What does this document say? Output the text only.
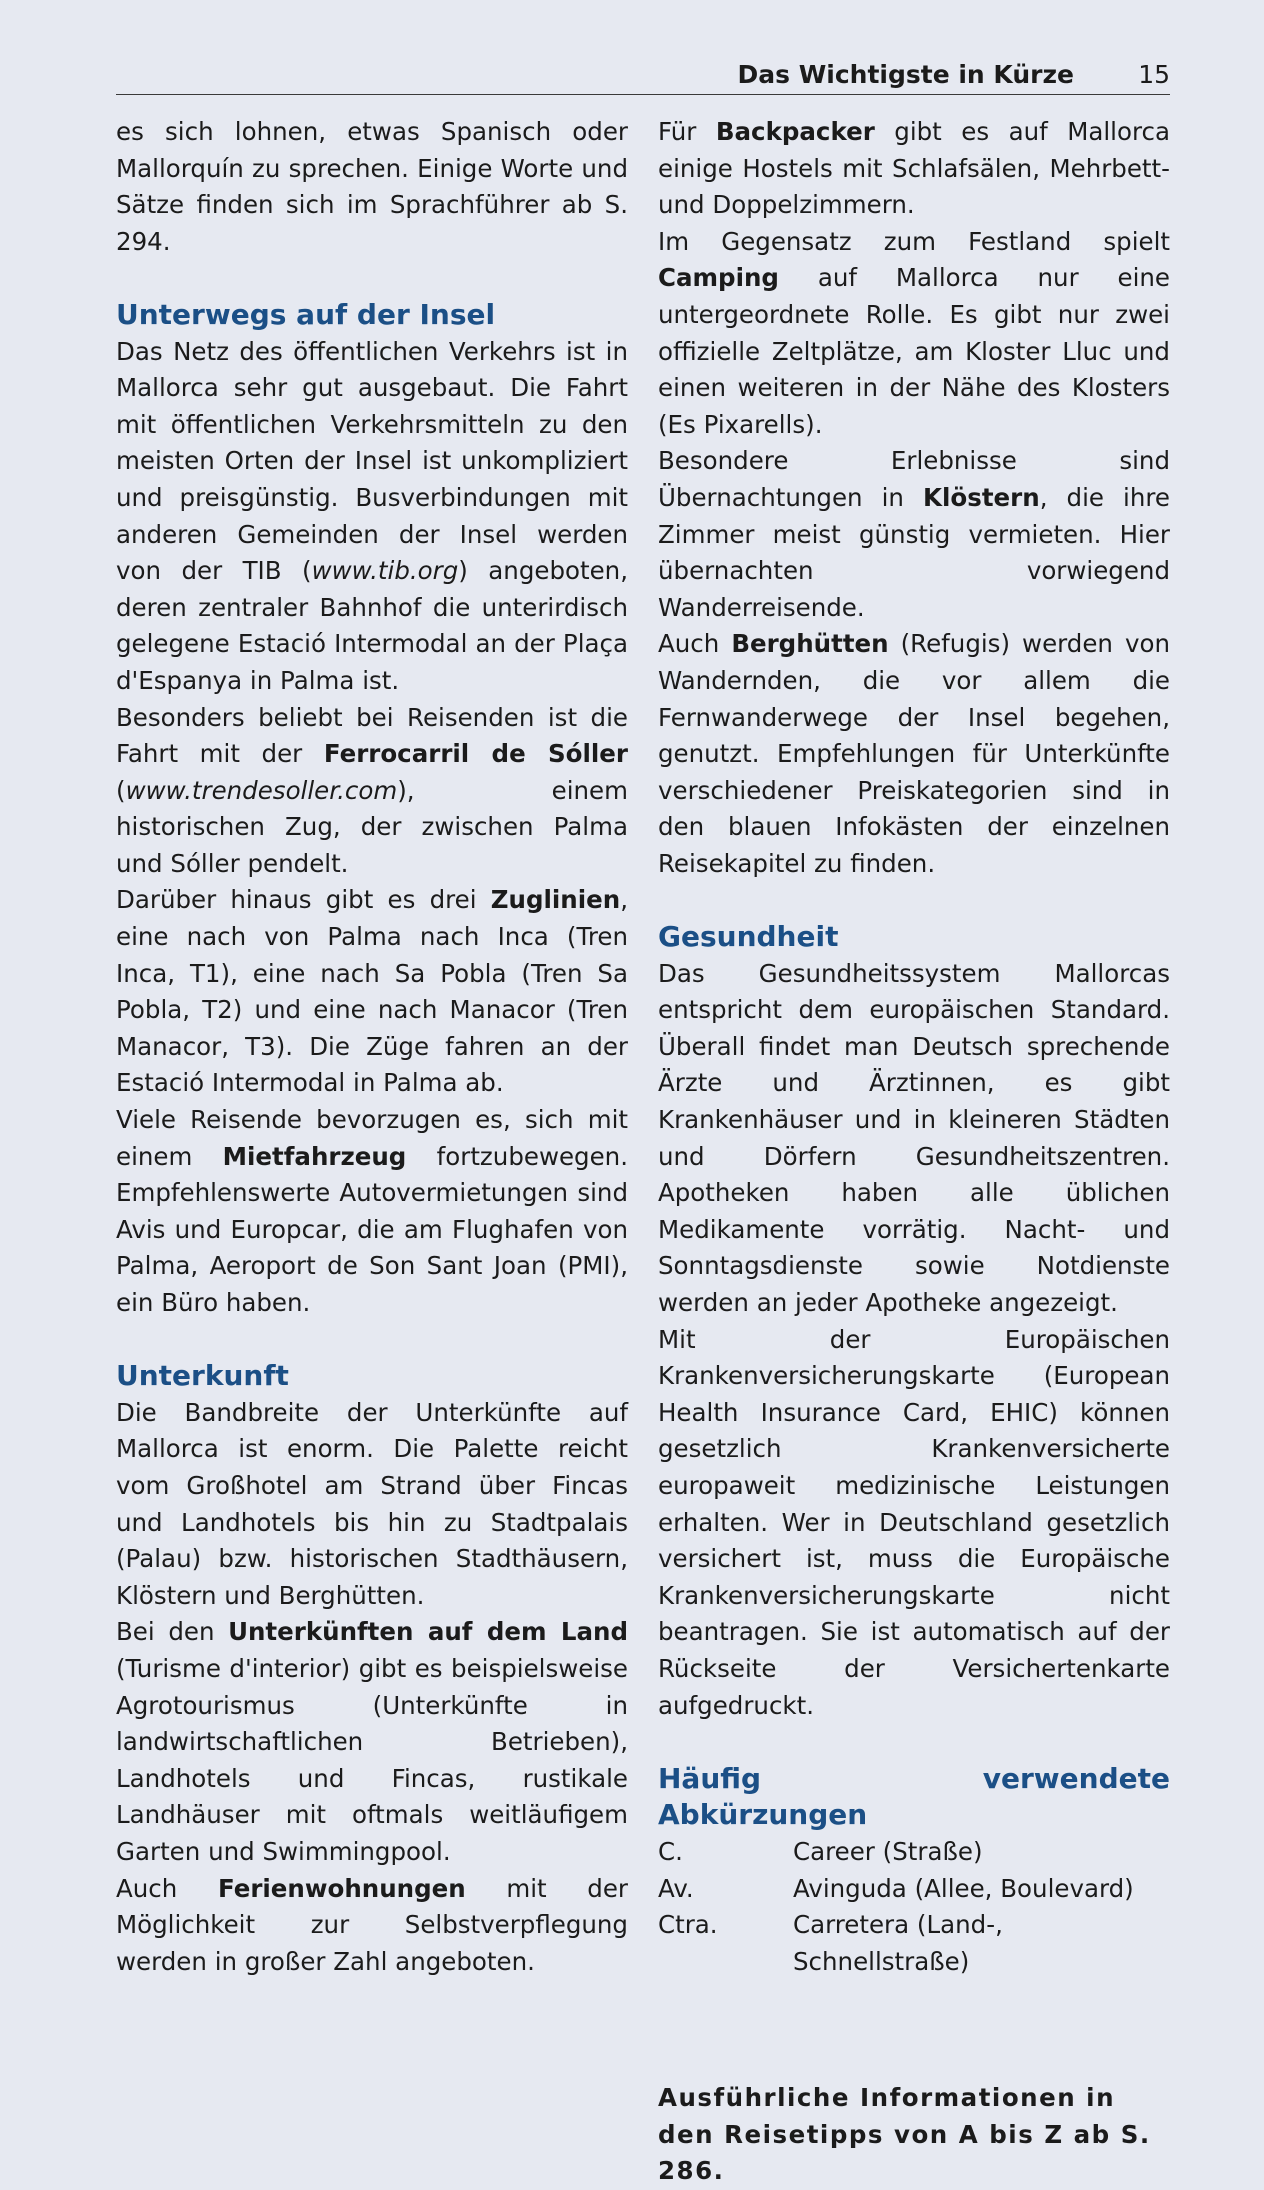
Das Wichtigste in Kürze	15

es sich lohnen, etwas Spanisch oder Mallorquín zu sprechen. Einige Worte und Sätze finden sich im Sprachführer ab S. 294.

Unterwegs auf der Insel

Das Netz des öffentlichen Verkehrs ist in Mallorca sehr gut ausgebaut. Die Fahrt mit öffentlichen Verkehrsmitteln zu den meisten Orten der Insel ist unkompliziert und preisgünstig. Busverbindungen mit anderen Gemeinden der Insel werden von der TIB (www.tib.org) angeboten, deren zentraler Bahnhof die unterirdisch gelegene Estació Intermodal an der Plaça d'Espanya in Palma ist.

Besonders beliebt bei Reisenden ist die Fahrt mit der Ferrocarril de Sóller (www.trendesoller.com), einem historischen Zug, der zwischen Palma und Sóller pendelt.

Darüber hinaus gibt es drei Zuglinien, eine nach von Palma nach Inca (Tren Inca, T1), eine nach Sa Pobla (Tren Sa Pobla, T2) und eine nach Manacor (Tren Manacor, T3). Die Züge fahren an der Estació Intermodal in Palma ab.

Viele Reisende bevorzugen es, sich mit einem Mietfahrzeug fortzubewegen. Empfehlenswerte Autovermietungen sind Avis und Europcar, die am Flughafen von Palma, Aeroport de Son Sant Joan (PMI), ein Büro haben.

Unterkunft

Die Bandbreite der Unterkünfte auf Mallorca ist enorm. Die Palette reicht vom Großhotel am Strand über Fincas und Landhotels bis hin zu Stadtpalais (Palau) bzw. historischen Stadthäusern, Klöstern und Berghütten.

Bei den Unterkünften auf dem Land (Turisme d'interior) gibt es beispielsweise Agrotourismus (Unterkünfte in landwirtschaftlichen Betrieben), Landhotels und Fincas, rustikale Landhäuser mit oftmals weitläufigem Garten und Swimmingpool.

Auch Ferienwohnungen mit der Möglichkeit zur Selbstverpflegung werden in großer Zahl angeboten.

Für Backpacker gibt es auf Mallorca einige Hostels mit Schlafsälen, Mehrbett- und Doppelzimmern.

Im Gegensatz zum Festland spielt Camping auf Mallorca nur eine untergeordnete Rolle. Es gibt nur zwei offizielle Zeltplätze, am Kloster Lluc und einen weiteren in der Nähe des Klosters (Es Pixarells).

Besondere Erlebnisse sind Übernachtungen in Klöstern, die ihre Zimmer meist günstig vermieten. Hier übernachten vorwiegend Wanderreisende.

Auch Berghütten (Refugis) werden von Wandernden, die vor allem die Fernwanderwege der Insel begehen, genutzt. Empfehlungen für Unterkünfte verschiedener Preiskategorien sind in den blauen Infokästen der einzelnen Reisekapitel zu finden.

Gesundheit

Das Gesundheitssystem Mallorcas entspricht dem europäischen Standard. Überall findet man Deutsch sprechende Ärzte und Ärztinnen, es gibt Krankenhäuser und in kleineren Städten und Dörfern Gesundheitszentren. Apotheken haben alle üblichen Medikamente vorrätig. Nacht- und Sonntagsdienste sowie Notdienste werden an jeder Apotheke angezeigt.

Mit der Europäischen Krankenversicherungskarte (European Health Insurance Card, EHIC) können gesetzlich Krankenversicherte europaweit medizinische Leistungen erhalten. Wer in Deutschland gesetzlich versichert ist, muss die Europäische Krankenversicherungskarte nicht beantragen. Sie ist automatisch auf der Rückseite der Versichertenkarte aufgedruckt.

Häufig verwendete Abkürzungen
C.	Career (Straße)
Av.	Avinguda (Allee, Boulevard)
Ctra.	Carretera (Land-, Schnellstraße)

Ausführliche Informationen in den Reisetipps von A bis Z ab S. 286.
